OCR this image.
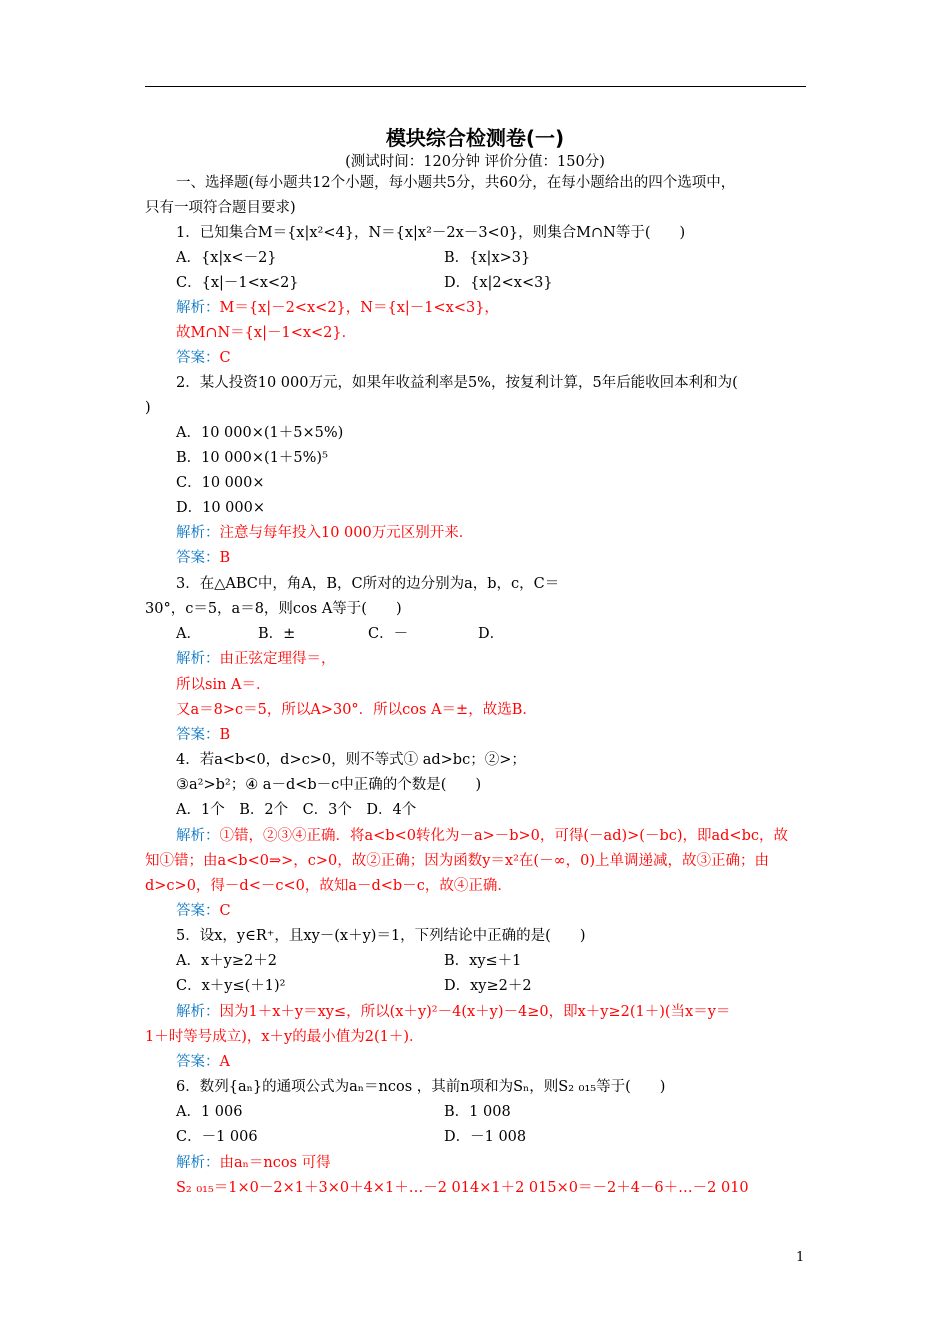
模块综合检测卷(一)
(测试时间：120分钟 评价分值：150分)
一、选择题(每小题共12个小题，每小题共5分，共60分，在每小题给出的四个选项中，
只有一项符合题目要求)
1．已知集合M＝{x|x²<4}，N＝{x|x²－2x－3<0}，则集合M∩N等于(　　)
A．{x|x<－2}	B．{x|x>3}
C．{x|－1<x<2}	D．{x|2<x<3}
解析：M＝{x|－2<x<2}，N＝{x|－1<x<3}，
故M∩N＝{x|－1<x<2}．
答案：C
2．某人投资10 000万元，如果年收益利率是5%，按复利计算，5年后能收回本利和为(
)
A．10 000×(1＋5×5%)
B．10 000×(1＋5%)⁵
C．10 000×
D．10 000×
解析：注意与每年投入10 000万元区别开来．
答案：B
3．在△ABC中，角A，B，C所对的边分别为a，b，c，C＝
30°，c＝5，a＝8，则cos A等于(　　)
A．	B．±	C．－	D．
解析：由正弦定理得＝，
所以sin A＝．
又a＝8>c＝5，所以A>30°．所以cos A＝±，故选B．
答案：B
4．若a<b<0，d>c>0，则不等式① ad>bc；②>；
③a²>b²；④ a－d<b－c中正确的个数是(　　)
A．1个　B．2个　C．3个　D．4个
解析：①错，②③④正确．将a<b<0转化为－a>－b>0，可得(－ad)>(－bc)，即ad<bc，故
知①错；由a<b<0⇒>，c>0，故②正确；因为函数y＝x²在(－∞，0)上单调递减，故③正确；由
d>c>0，得－d<－c<0，故知a－d<b－c，故④正确．
答案：C
5．设x，y∈R⁺，且xy－(x＋y)＝1，下列结论中正确的是(　　)
A．x＋y≥2＋2	B．xy≤＋1
C．x＋y≤(＋1)²	D．xy≥2＋2
解析：因为1＋x＋y＝xy≤，所以(x＋y)²－4(x＋y)－4≥0，即x＋y≥2(1＋)(当x＝y＝
1＋时等号成立)，x＋y的最小值为2(1＋)．
答案：A
6．数列{aₙ}的通项公式为aₙ＝ncos ，其前n项和为Sₙ，则S₂ ₀₁₅等于(　　)
A．1 006	B．1 008
C．－1 006	D．－1 008
解析：由aₙ＝ncos 可得
S₂ ₀₁₅＝1×0－2×1＋3×0＋4×1＋…－2 014×1＋2 015×0＝－2＋4－6＋…－2 010
1
